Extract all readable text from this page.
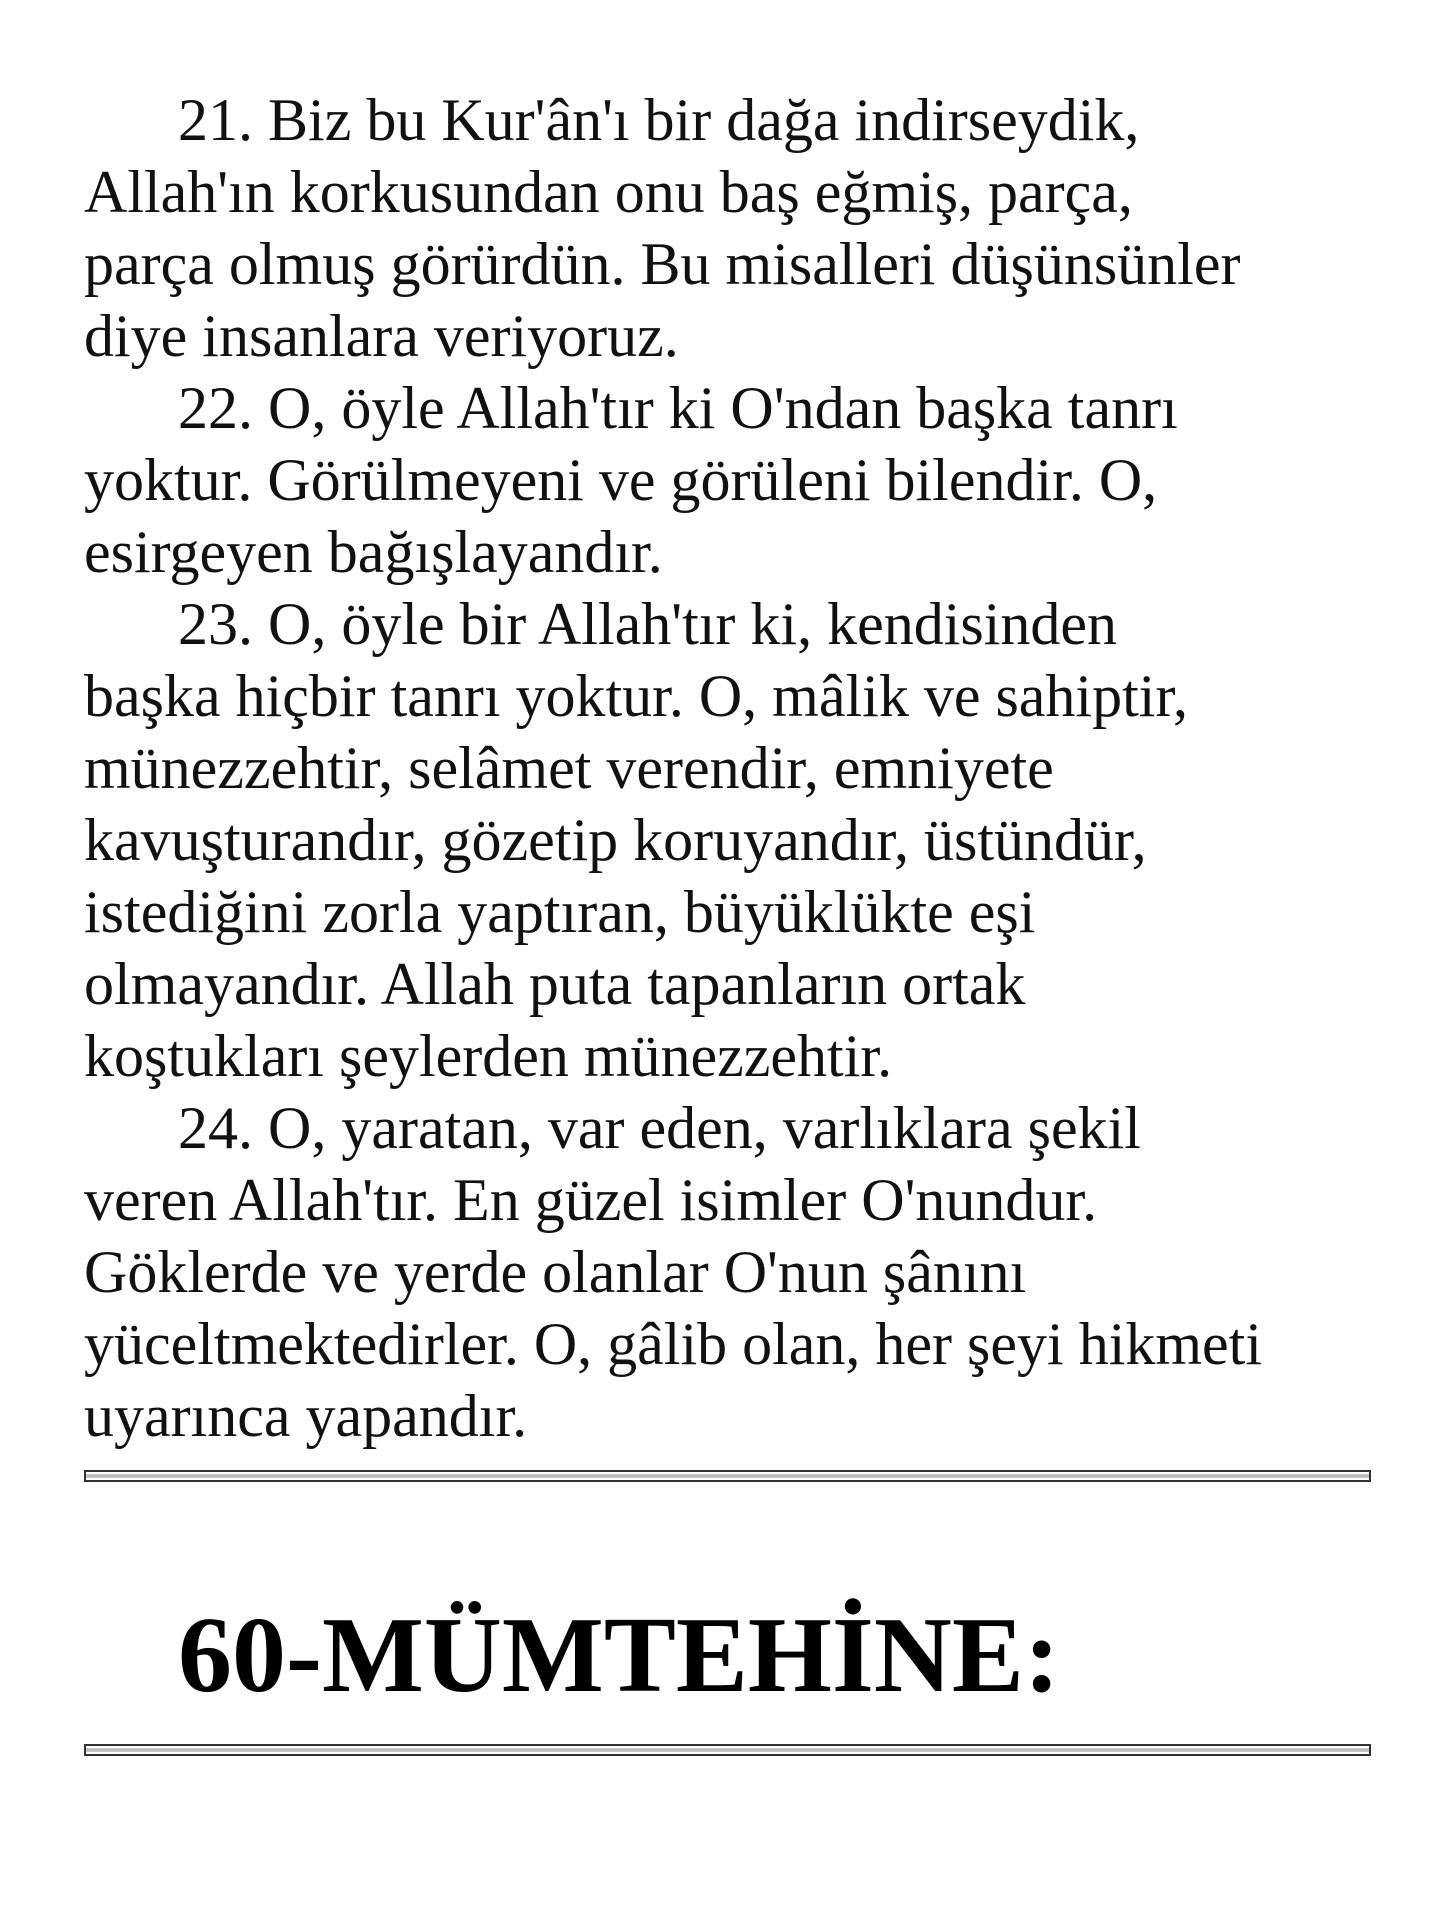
21. Biz bu Kur'ân'ı bir dağa indirseydik,
Allah'ın korkusundan onu baş eğmiş, parça,
parça olmuş görürdün. Bu misalleri düşünsünler
diye insanlara veriyoruz.
22. O, öyle Allah'tır ki O'ndan başka tanrı
yoktur. Görülmeyeni ve görüleni bilendir. O,
esirgeyen bağışlayandır.
23. O, öyle bir Allah'tır ki, kendisinden
başka hiçbir tanrı yoktur. O, mâlik ve sahiptir,
münezzehtir, selâmet verendir, emniyete
kavuşturandır, gözetip koruyandır, üstündür,
istediğini zorla yaptıran, büyüklükte eşi
olmayandır. Allah puta tapanların ortak
koştukları şeylerden münezzehtir.
24. O, yaratan, var eden, varlıklara şekil
veren Allah'tır. En güzel isimler O'nundur.
Göklerde ve yerde olanlar O'nun şânını
yüceltmektedirler. O, gâlib olan, her şeyi hikmeti
uyarınca yapandır.
60-MÜMTEHİNE:
